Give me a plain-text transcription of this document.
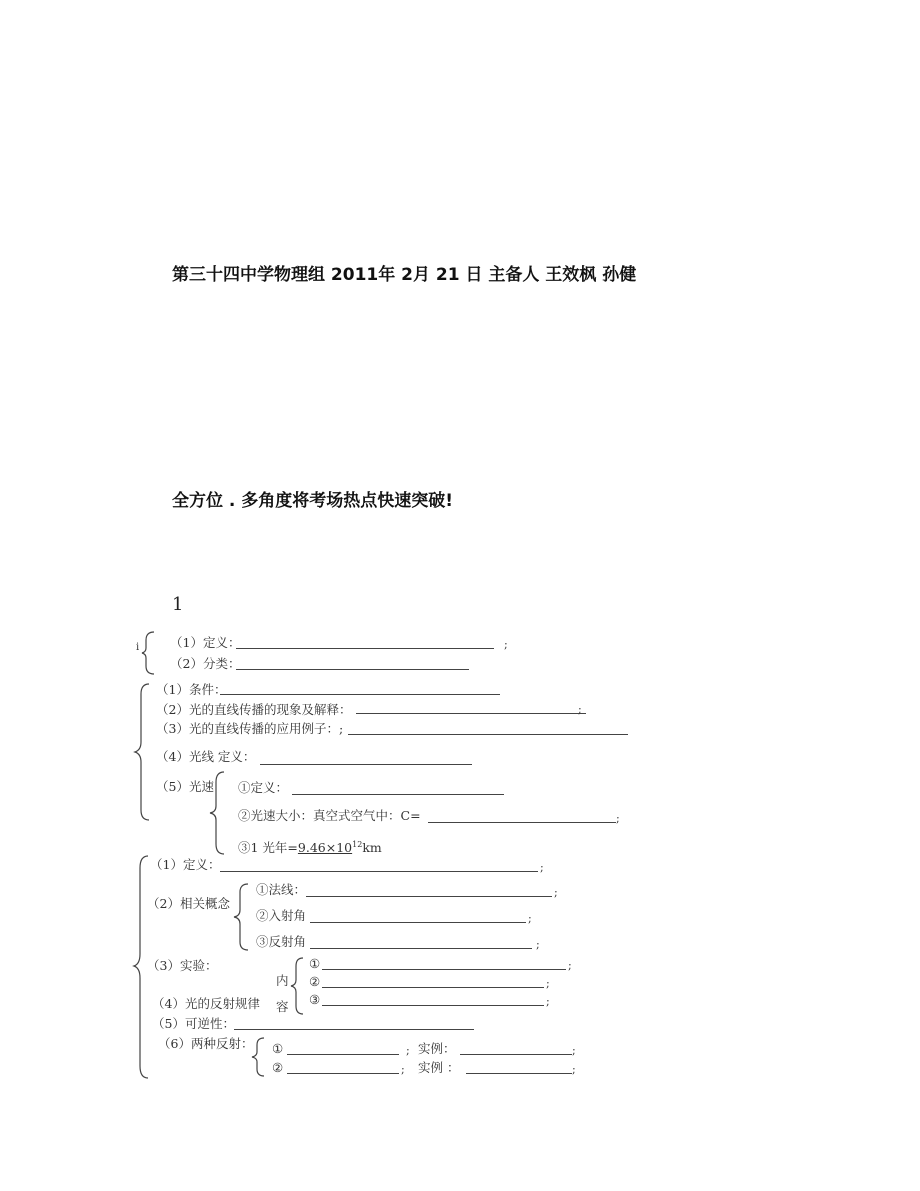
第三十四中学物理组 2011年 2月 21 日 主备人 王效枫 孙健
全方位 . 多角度将考场热点快速突破!
1
i （1）定义：	;
（2）分类：
（1）条件：
（2）光的直线传播的现象及解释：	;
（3）光的直线传播的应用例子：;
（4）光线 定义：
（5）光速 ①定义：
②光速大小：真空式空气中：C=	;
③1 光年$=9.46\times 10^{12}km$
（1）定义：	;
（2）相关概念
①法线：	;
②入射角	;
③反射角	;
（3）实验：
内
容
①	;
②	;
③	;
（4）光的反射规律
（5）可逆性：
（6）两种反射： ①	; 实例：	;
②	; 实例 ：	;
